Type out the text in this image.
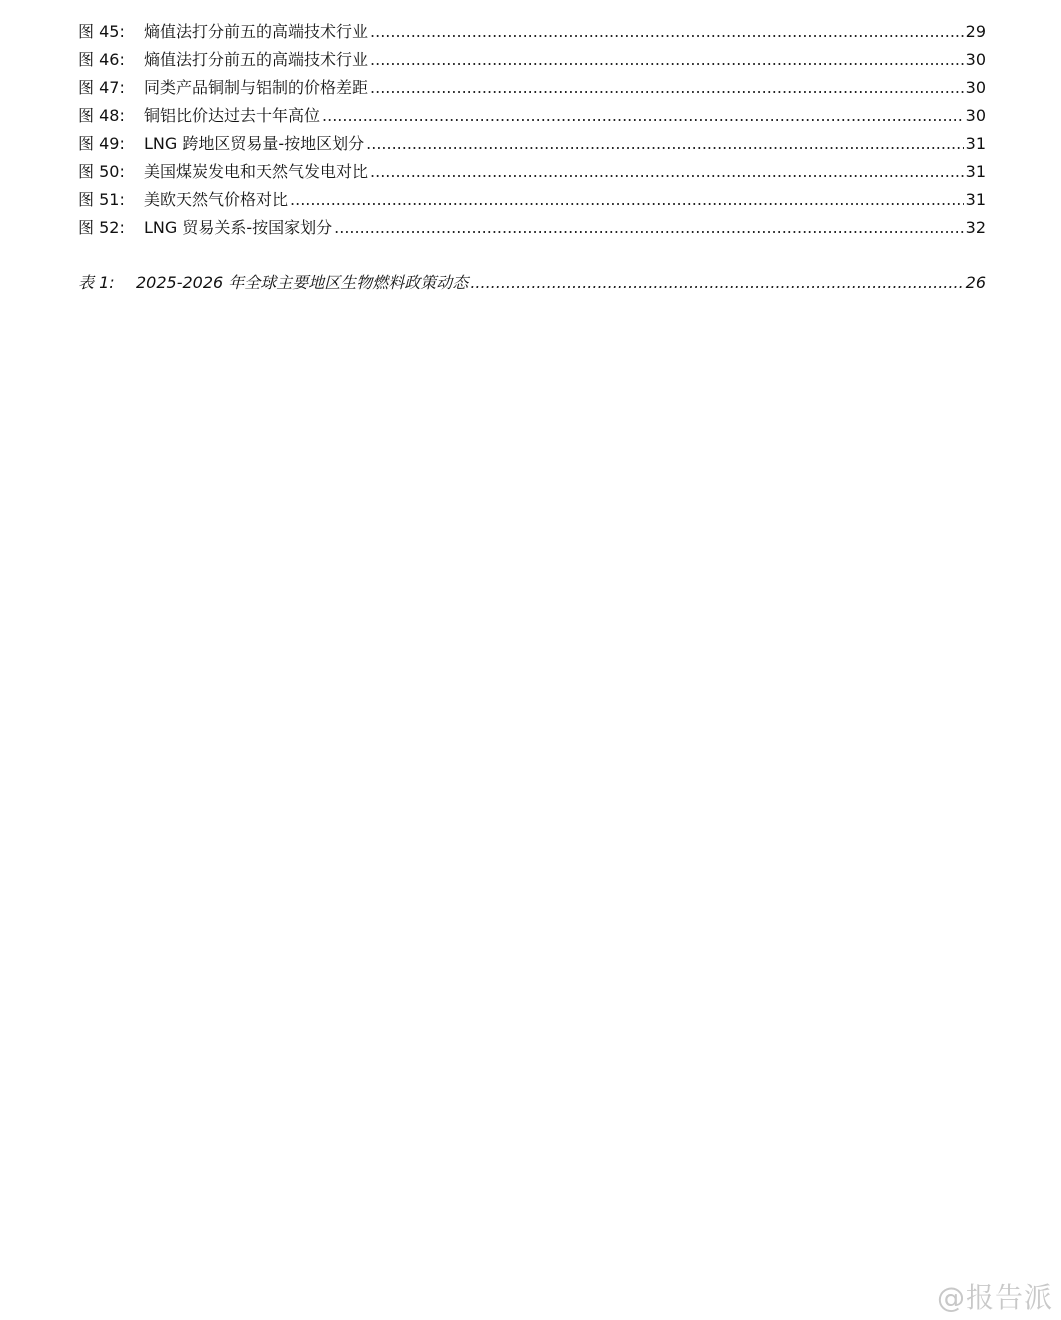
图 45:	熵值法打分前五的高端技术行业 .....	29
图 46:	熵值法打分前五的高端技术行业 .....	30
图 47:	同类产品铜制与铝制的价格差距 .....	30
图 48:	铜铝比价达过去十年高位 .....	30
图 49:	LNG 跨地区贸易量-按地区划分 .....	31
图 50:	美国煤炭发电和天然气发电对比 .....	31
图 51:	美欧天然气价格对比 .....	31
图 52:	LNG 贸易关系-按国家划分 .....	32
表 1:	2025-2026 年全球主要地区生物燃料政策动态 .....	26
@报告派
